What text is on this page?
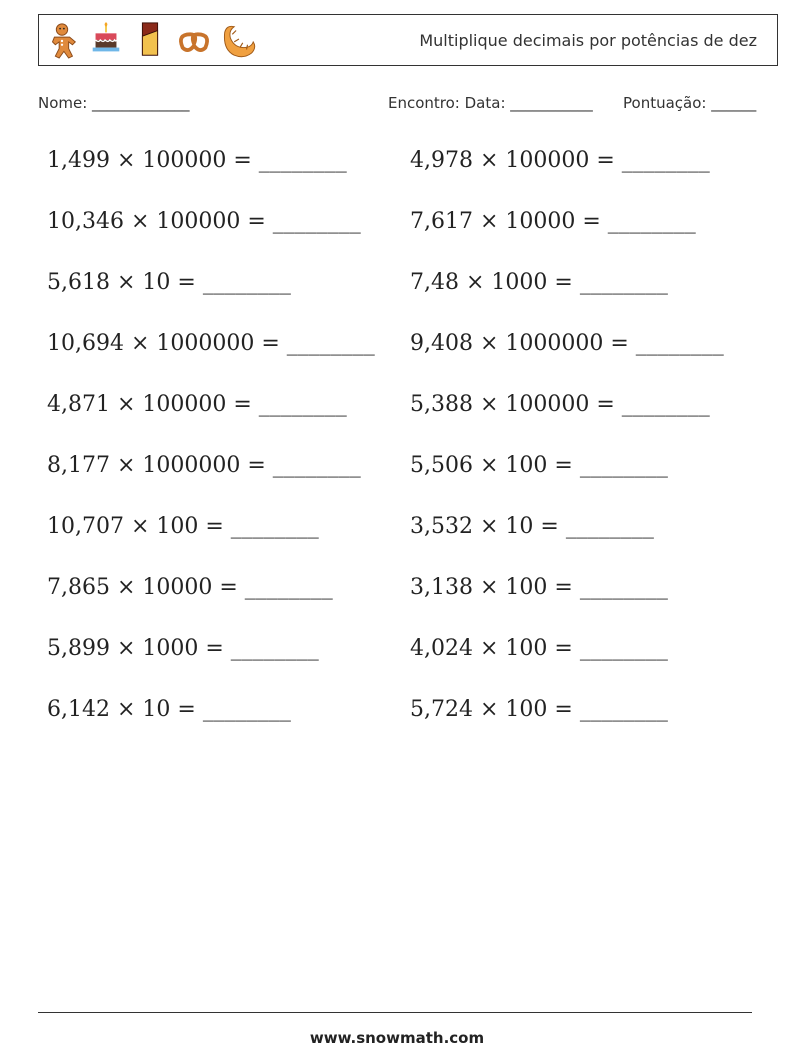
Multiplique decimais por potências de dez
Nome: _____________	Encontro: Data: ___________ Pontuação: ______
1,499 × 100000 = ________
10,346 × 100000 = ________
5,618 × 10 = ________
10,694 × 1000000 = ________
4,871 × 100000 = ________
8,177 × 1000000 = ________
10,707 × 100 = ________
7,865 × 10000 = ________
5,899 × 1000 = ________
6,142 × 10 = ________
4,978 × 100000 = ________
7,617 × 10000 = ________
7,48 × 1000 = ________
9,408 × 1000000 = ________
5,388 × 100000 = ________
5,506 × 100 = ________
3,532 × 10 = ________
3,138 × 100 = ________
4,024 × 100 = ________
5,724 × 100 = ________
www.snowmath.com
